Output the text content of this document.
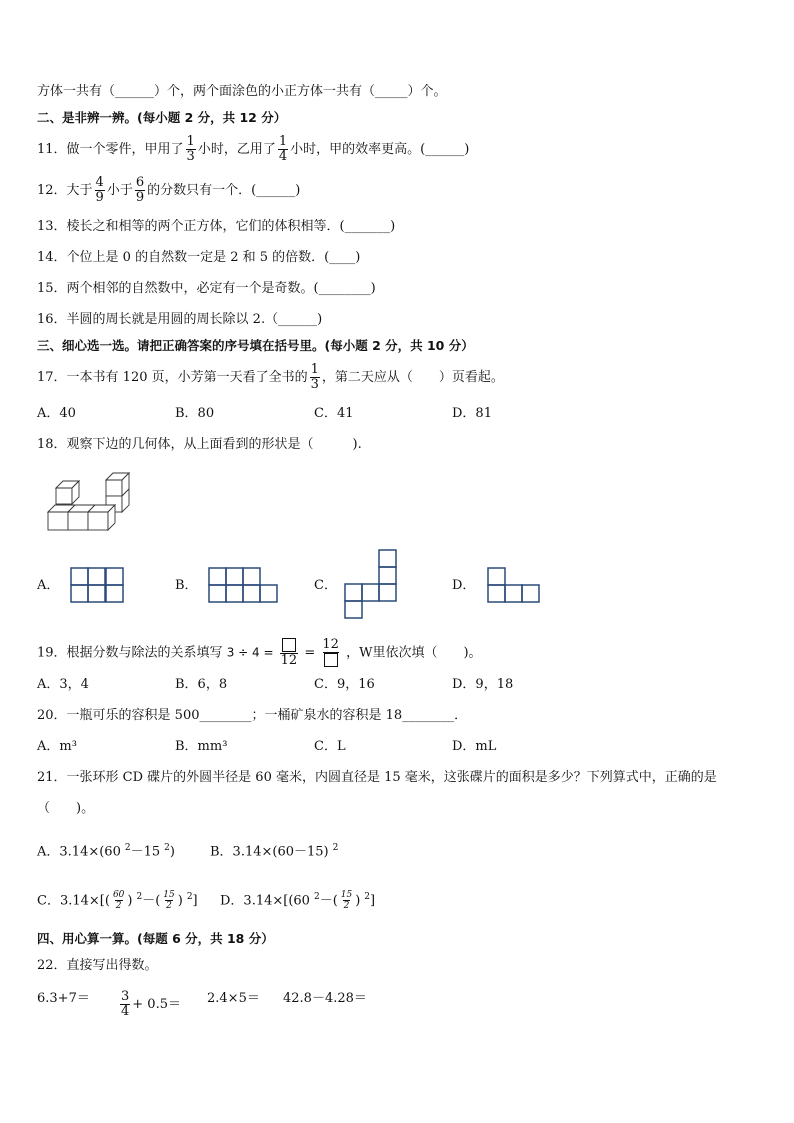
方体一共有（______）个，两个面涂色的小正方体一共有（_____）个。
二、是非辨一辨。(每小题 2 分，共 12 分）
11．做一个零件，甲用了 $\frac{1}{3}$ 小时，乙用了 $\frac{1}{4}$ 小时，甲的效率更高。(______)
12．大于 $\frac{4}{9}$ 小于 $\frac{6}{9}$ 的分数只有一个．(______)
13．棱长之和相等的两个正方体，它们的体积相等．(_______)
14．个位上是 0 的自然数一定是 2 和 5 的倍数．(____)
15．两个相邻的自然数中，必定有一个是奇数。(________)
16．半圆的周长就是用圆的周长除以 2.（______)
三、细心选一选。请把正确答案的序号填在括号里。(每小题 2 分，共 10 分）
17．一本书有 120 页，小芳第一天看了全书的 $\frac{1}{3}$ ，第二天应从（　　）页看起。
A．40	B．80	C．41	D．81
18．观察下边的几何体，从上面看到的形状是（　　　).
A．	B．	C．	D．
19．根据分数与除法的关系填写 3 ÷ 4 =
12 =
12
，W里依次填（　　)。
A．3，4	B．6，8	C．9，16	D．9，18
20．一瓶可乐的容积是 500________；一桶矿泉水的容积是 18________．
A．m³	B．mm³	C．L	D．mL
21．一张环形 CD 碟片的外圆半径是 60 毫米，内圆直径是 15 毫米，这张碟片的面积是多少？下列算式中，正确的是
（　　)。
A．3.14×(60 $^2$－15 $^2$)	B．3.14×(60－15) $^2$
C．$3.14\times[( \frac{60}{2}$ ) $^2-( \frac{15}{2}$ ) $^2$] D．3.14×[(60 $^2-( \frac{15}{2}$ ) $^2$]
四、用心算一算。(每题 6 分，共 18 分）
22．直接写出得数。
$6.3+7= \frac{3}{4} + 0.5= 2.4\times 5= 42.8-4.28=$
